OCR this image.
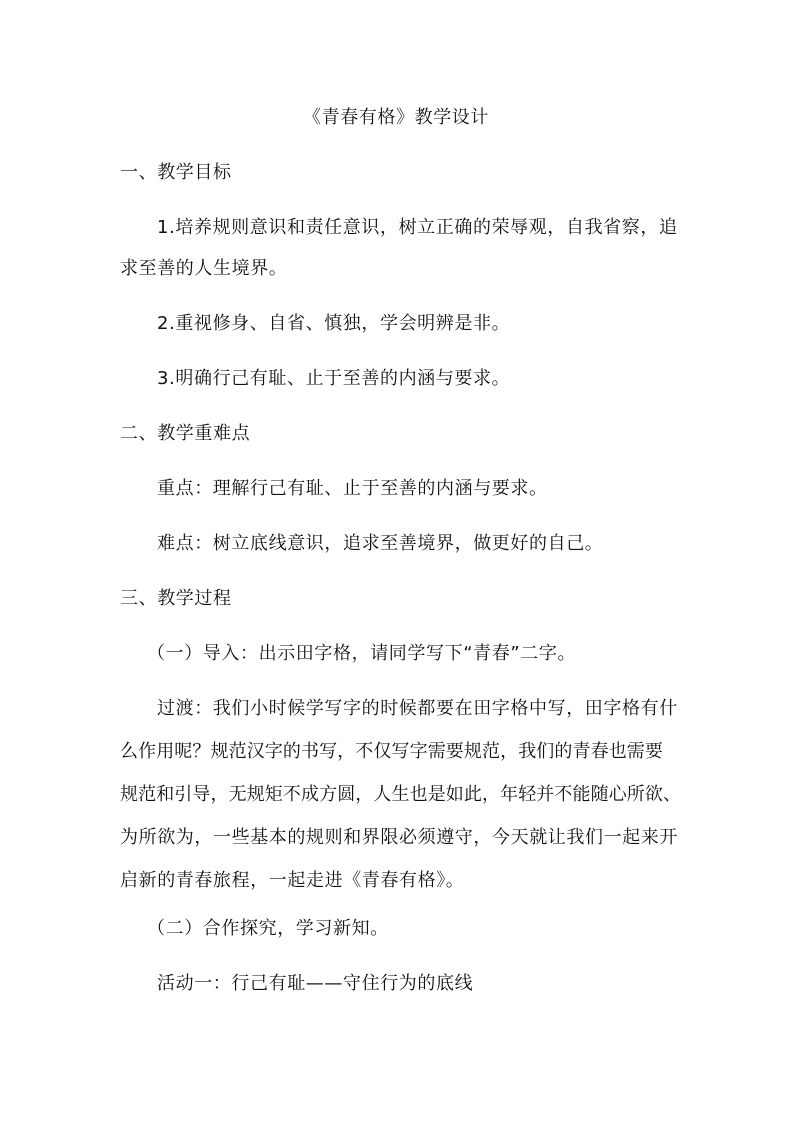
《青春有格》教学设计
一、教学目标
1.培养规则意识和责任意识，树立正确的荣辱观，自我省察，追
求至善的人生境界。
2.重视修身、自省、慎独，学会明辨是非。
3.明确行己有耻、止于至善的内涵与要求。
二、教学重难点
重点：理解行己有耻、止于至善的内涵与要求。
难点：树立底线意识，追求至善境界，做更好的自己。
三、教学过程
（一）导入：出示田字格，请同学写下“青春”二字。
过渡：我们小时候学写字的时候都要在田字格中写，田字格有什
么作用呢？规范汉字的书写，不仅写字需要规范，我们的青春也需要
规范和引导，无规矩不成方圆，人生也是如此，年轻并不能随心所欲、
为所欲为，一些基本的规则和界限必须遵守，今天就让我们一起来开
启新的青春旅程，一起走进《青春有格》。
（二）合作探究，学习新知。
活动一：行己有耻——守住行为的底线
